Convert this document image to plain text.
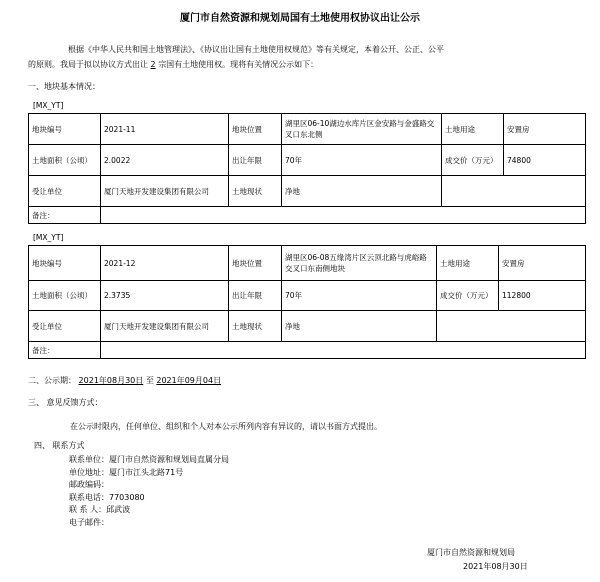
厦门市自然资源和规划局国有土地使用权协议出让公示
根据《中华人民共和国土地管理法》、《协议出让国有土地使用权规范》等有关规定，本着公开、公正、公平
的原则。我局于拟以协议方式出让 2 宗国有土地使用权。现将有关情况公示如下：
一、地块基本情况：
[MX_YT]
地块编号	2021-11	地块位置	湖里区06-10湖边水库片区金安路与金盛路交叉口东北侧	土地用途	安置房
土地面积（公顷）	2.0022	出让年限	70年	成交价（万元）	74800
受让单位	厦门天地开发建设集团有限公司	土地现状	净地		
备注：					
[MX_YT]
地块编号	2021-12	地块位置	湖里区06-08五缘湾片区云顶北路与虎峪路交叉口东南侧地块	土地用途	安置房
土地面积（公顷）	2.3735	出让年限	70年	成交价（万元）	112800
受让单位	厦门天地开发建设集团有限公司	土地现状	净地		
备注：					
二、公示期： 2021年08月30日 至 2021年09月04日
三、 意见反馈方式：
在公示时限内，任何单位、组织和个人对本公示所列内容有异议的，请以书面方式提出。
四、 联系方式
联系单位：厦门市自然资源和规划局直属分局
单位地址：厦门市江头北路71号
邮政编码：
联系电话：7703080
联 系 人：邱武波
电子邮件：
厦门市自然资源和规划局
2021年08月30日
